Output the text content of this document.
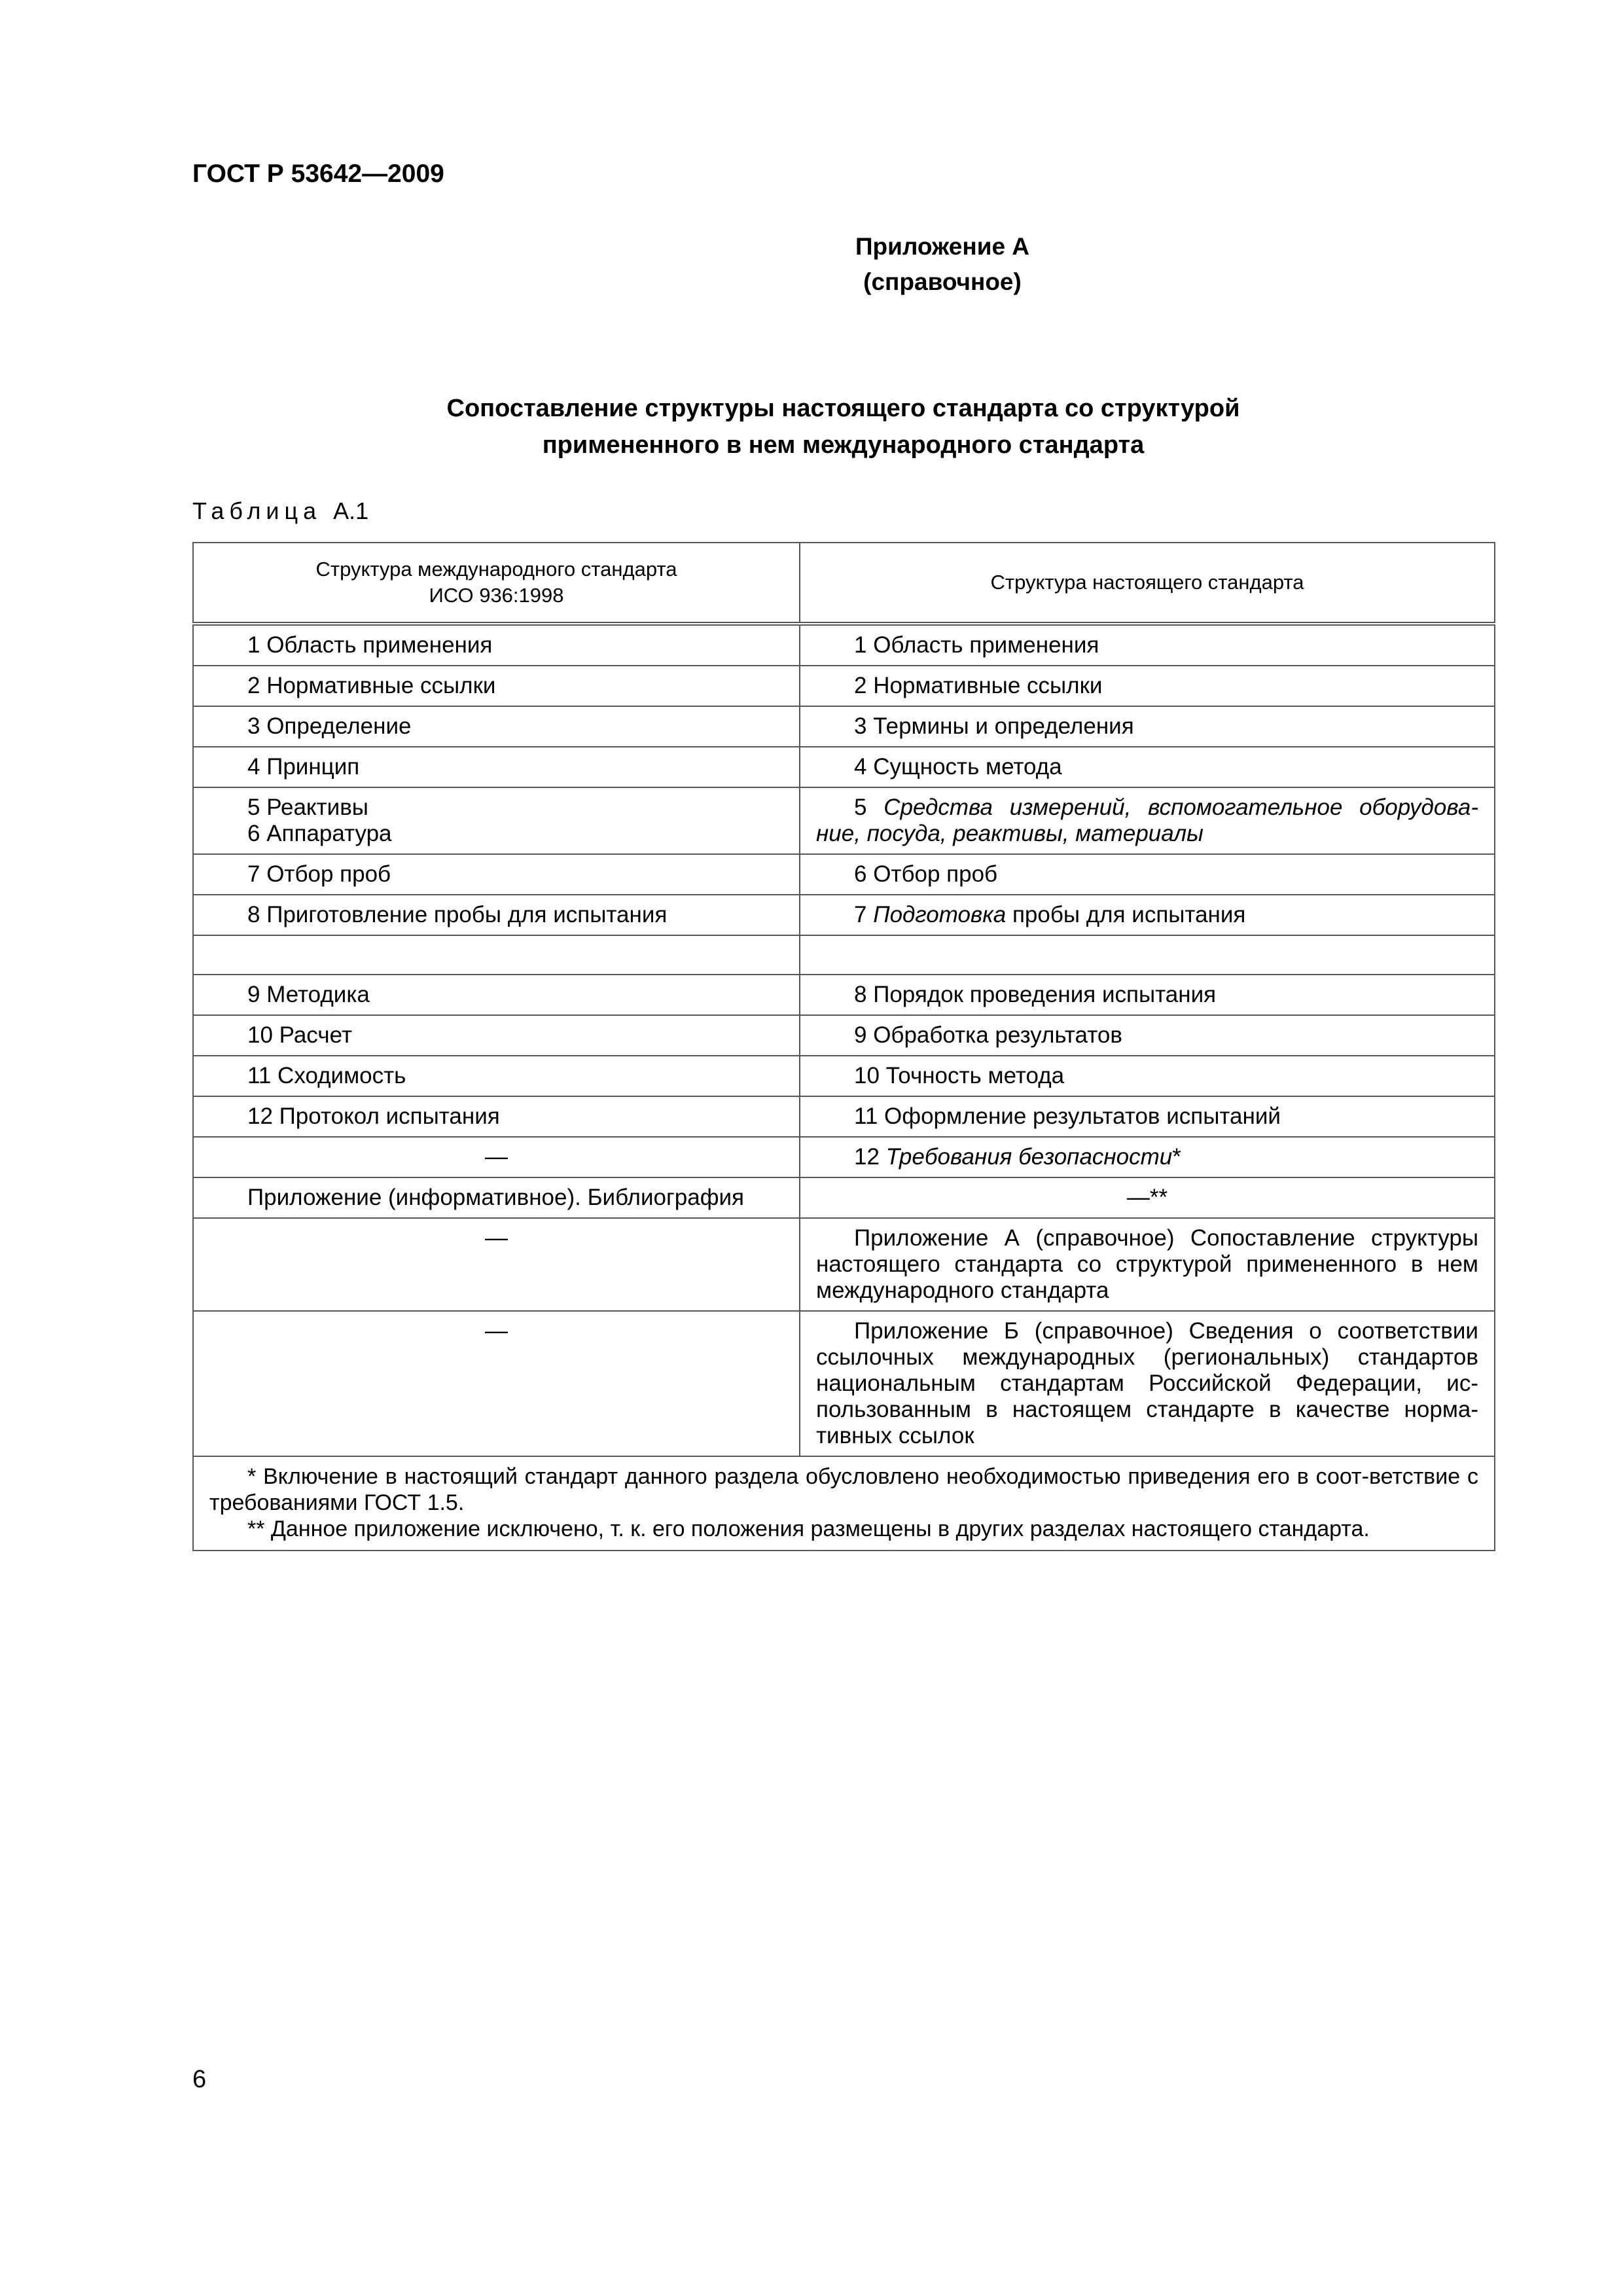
ГОСТ Р 53642—2009
Приложение А
(справочное)
Сопоставление структуры настоящего стандарта со структурой
примененного в нем международного стандарта
Таблица А.1
Структура международного стандарта
ИСО 936:1998	Структура настоящего стандарта
1 Область применения	1 Область применения
2 Нормативные ссылки	2 Нормативные ссылки
3 Определение	3 Термины и определения
4 Принцип	4 Сущность метода

5 Реактивы
6 Аппаратура	5 Средства измерений, вспомогательное оборудова-ние, посуда, реактивы, материалы
7 Отбор проб	6 Отбор проб
8 Приготовление пробы для испытания	7 Подготовка пробы для испытания

9 Методика	8 Порядок проведения испытания
10 Расчет	9 Обработка результатов
11 Сходимость	10 Точность метода
12 Протокол испытания	11 Оформление результатов испытаний
—	12 Требования безопасности*
Приложение (информативное). Библиография	—**
—	Приложение А (справочное) Сопоставление структуры настоящего стандарта со структурой примененного в нем международного стандарта
—	Приложение Б (справочное) Сведения о соответствии ссылочных международных (региональных) стандартов национальным стандартам Российской Федерации, ис-пользованным в настоящем стандарте в качестве норма-тивных ссылок

* Включение в настоящий стандарт данного раздела обусловлено необходимостью приведения его в соот-ветствие с требованиями ГОСТ 1.5.

** Данное приложение исключено, т. к. его положения размещены в других разделах настоящего стандарта.	

6
